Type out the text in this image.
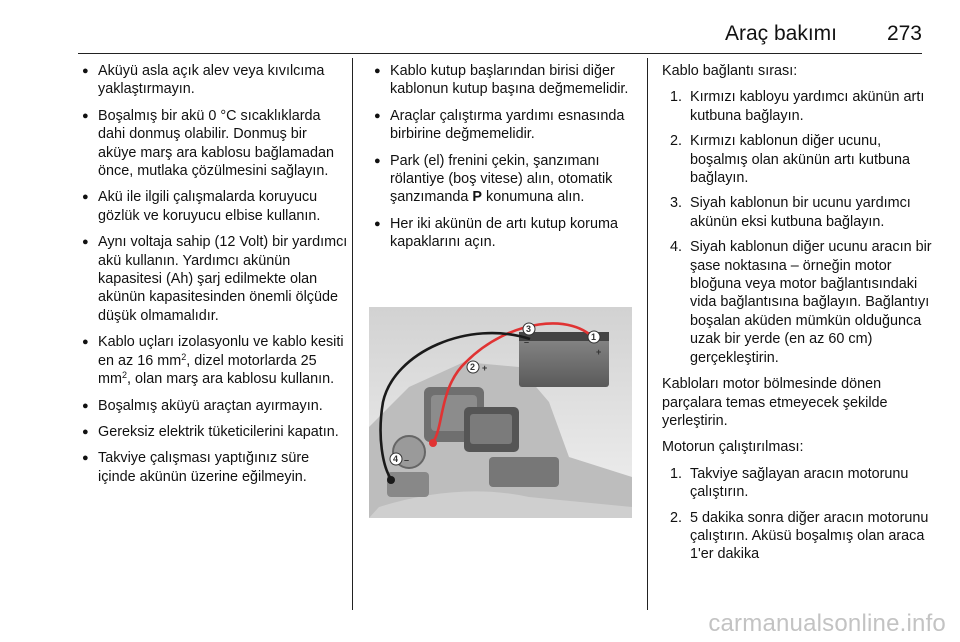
Araç bakımı 273
● Aküyü asla açık alev veya kıvılcıma yaklaştırmayın.
● Boşalmış bir akü 0 °C sıcaklıklarda dahi donmuş olabilir. Donmuş bir aküye marş ara kablosu bağlamadan önce, mutlaka çözülmesini sağlayın.
● Akü ile ilgili çalışmalarda koruyucu gözlük ve koruyucu elbise kullanın.
● Aynı voltaja sahip (12 Volt) bir yardımcı akü kullanın. Yardımcı akünün kapasitesi (Ah) şarj edilmekte olan akünün kapasitesinden önemli ölçüde düşük olmamalıdır.
● Kablo uçları izolasyonlu ve kablo kesiti en az 16 $mm^2$, dizel motorlarda 25 $mm^2$, olan marş ara kablosu kullanın.
● Boşalmış aküyü araçtan ayırmayın.
● Gereksiz elektrik tüketicilerini kapatın.
● Takviye çalışması yaptığınız süre içinde akünün üzerine eğilmeyin.
● Kablo kutup başlarından birisi diğer kablonun kutup başına değmemelidir.
● Araçlar çalıştırma yardımı esnasında birbirine değmemelidir.
● Park (el) frenini çekin, şanzımanı rölantiye (boş vitese) alın, otomatik şanzımanda P konumuna alın.
● Her iki akünün de artı kutup koruma kapaklarını açın.
1
+
2 +
3
–
4 –

Kablo bağlantı sırası:

1. Kırmızı kabloyu yardımcı akünün artı kutbuna bağlayın.
2. Kırmızı kablonun diğer ucunu, boşalmış olan akünün artı kutbuna bağlayın.
3. Siyah kablonun bir ucunu yardımcı akünün eksi kutbuna bağlayın.
4. Siyah kablonun diğer ucunu aracın bir şase noktasına – örneğin motor bloğuna veya motor bağlantısındaki vida bağlantısına bağlayın. Bağlantıyı boşalan aküden mümkün olduğunca uzak bir yerde (en az 60 cm) gerçekleştirin.

Kabloları motor bölmesinde dönen parçalara temas etmeyecek şekilde yerleştirin.

Motorun çalıştırılması:

1. Takviye sağlayan aracın motorunu çalıştırın.
2. 5 dakika sonra diğer aracın motorunu çalıştırın. Aküsü boşalmış olan araca 1'er dakika
carmanualsonline.info
